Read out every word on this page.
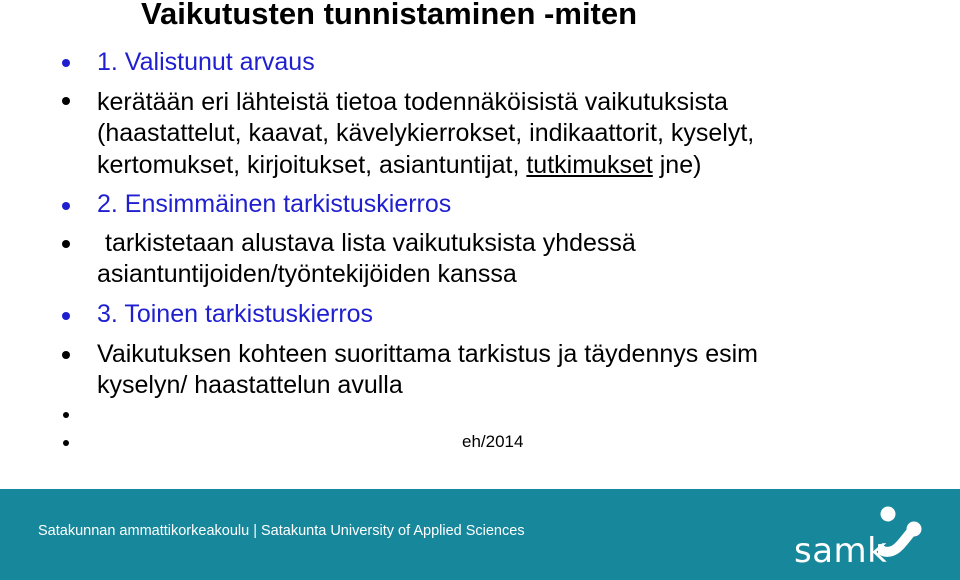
Vaikutusten tunnistaminen -miten
1. Valistunut arvaus
kerätään eri lähteistä tietoa todennäköisistä vaikutuksista
(haastattelut, kaavat, kävelykierrokset, indikaattorit, kyselyt,
kertomukset, kirjoitukset, asiantuntijat, tutkimukset jne)
2. Ensimmäinen tarkistuskierros
tarkistetaan alustava lista vaikutuksista yhdessä
asiantuntijoiden/työntekijöiden kanssa
3. Toinen tarkistuskierros
Vaikutuksen kohteen suorittama tarkistus ja täydennys esim
kyselyn/ haastattelun avulla
eh/2014
Satakunnan ammattikorkeakoulu | Satakunta University of Applied Sciences	samk
